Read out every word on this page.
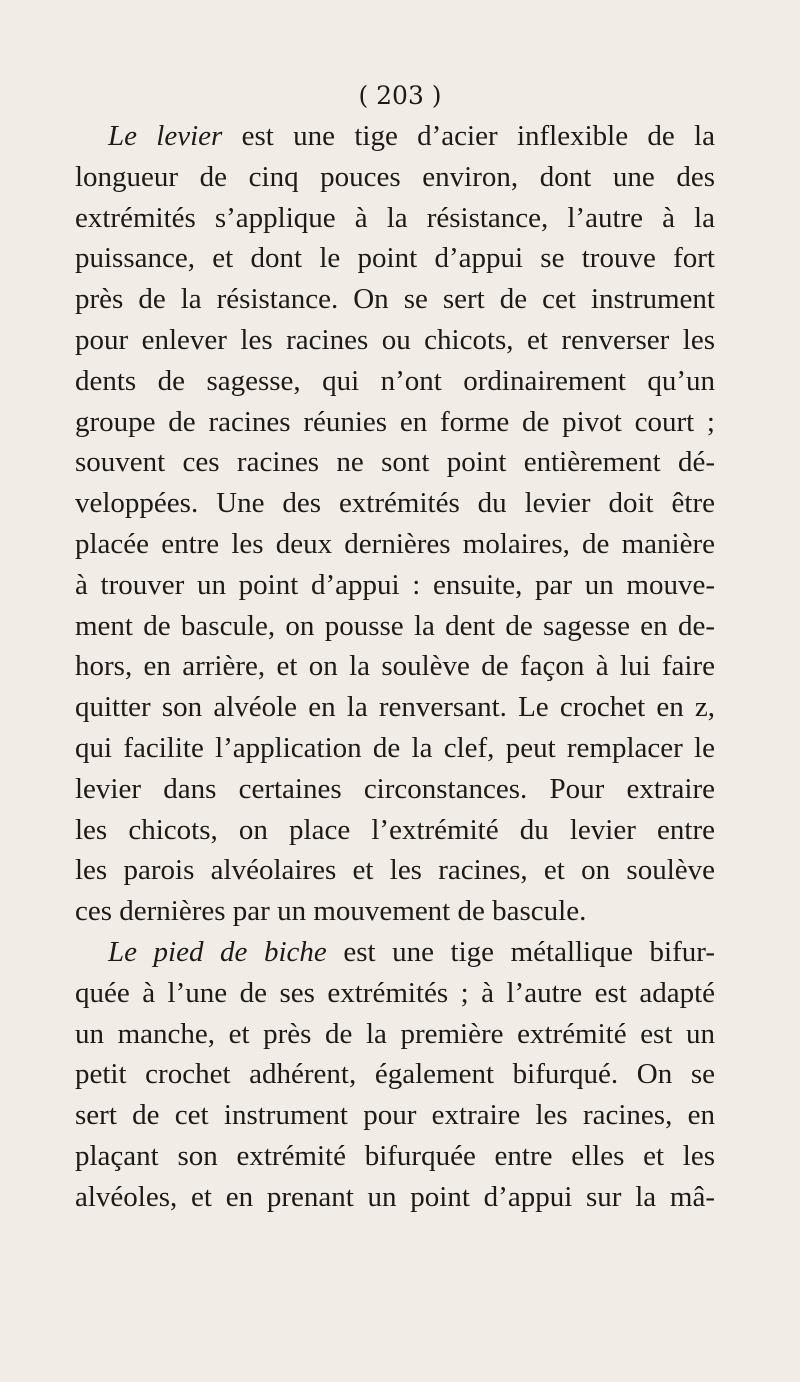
( 203 )
Le levier est une tige d’acier inflexible de la
longueur de cinq pouces environ, dont une des
extrémités s’applique à la résistance, l’autre à la
puissance, et dont le point d’appui se trouve fort
près de la résistance. On se sert de cet instrument
pour enlever les racines ou chicots, et renverser les
dents de sagesse, qui n’ont ordinairement qu’un
groupe de racines réunies en forme de pivot court ;
souvent ces racines ne sont point entièrement dé-
veloppées. Une des extrémités du levier doit être
placée entre les deux dernières molaires, de manière
à trouver un point d’appui : ensuite, par un mouve-
ment de bascule, on pousse la dent de sagesse en de-
hors, en arrière, et on la soulève de façon à lui faire
quitter son alvéole en la renversant. Le crochet en z,
qui facilite l’application de la clef, peut remplacer le
levier dans certaines circonstances. Pour extraire
les chicots, on place l’extrémité du levier entre
les parois alvéolaires et les racines, et on soulève
ces dernières par un mouvement de bascule.
Le pied de biche est une tige métallique bifur-
quée à l’une de ses extrémités ; à l’autre est adapté
un manche, et près de la première extrémité est un
petit crochet adhérent, également bifurqué. On se
sert de cet instrument pour extraire les racines, en
plaçant son extrémité bifurquée entre elles et les
alvéoles, et en prenant un point d’appui sur la mâ-
